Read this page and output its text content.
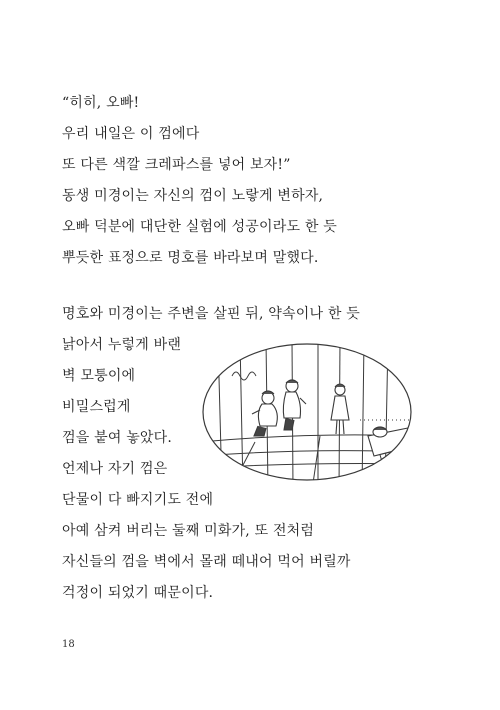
“히히, 오빠!
우리 내일은 이 껌에다
또 다른 색깔 크레파스를 넣어 보자!”
동생 미경이는 자신의 껌이 노랗게 변하자,
오빠 덕분에 대단한 실험에 성공이라도 한 듯
뿌듯한 표정으로 명호를 바라보며 말했다.
명호와 미경이는 주변을 살핀 뒤, 약속이나 한 듯
낡아서 누렇게 바랜
벽 모퉁이에
비밀스럽게
껌을 붙여 놓았다.
언제나 자기 껌은
단물이 다 빠지기도 전에
아예 삼켜 버리는 둘째 미화가, 또 전처럼
자신들의 껌을 벽에서 몰래 떼내어 먹어 버릴까
걱정이 되었기 때문이다.
18
